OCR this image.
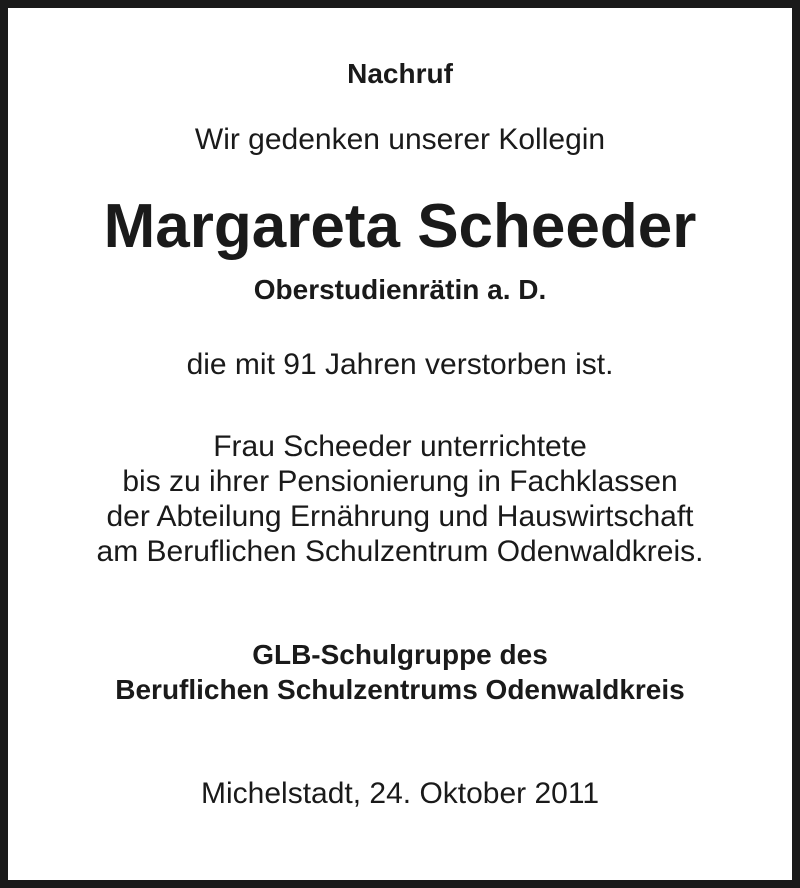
Nachruf
Wir gedenken unserer Kollegin
Margareta Scheeder
Oberstudienrätin a. D.
die mit 91 Jahren verstorben ist.
Frau Scheeder unterrichtete
bis zu ihrer Pensionierung in Fachklassen
der Abteilung Ernährung und Hauswirtschaft
am Beruflichen Schulzentrum Odenwaldkreis.
GLB-Schulgruppe des
Beruflichen Schulzentrums Odenwaldkreis
Michelstadt, 24. Oktober 2011
